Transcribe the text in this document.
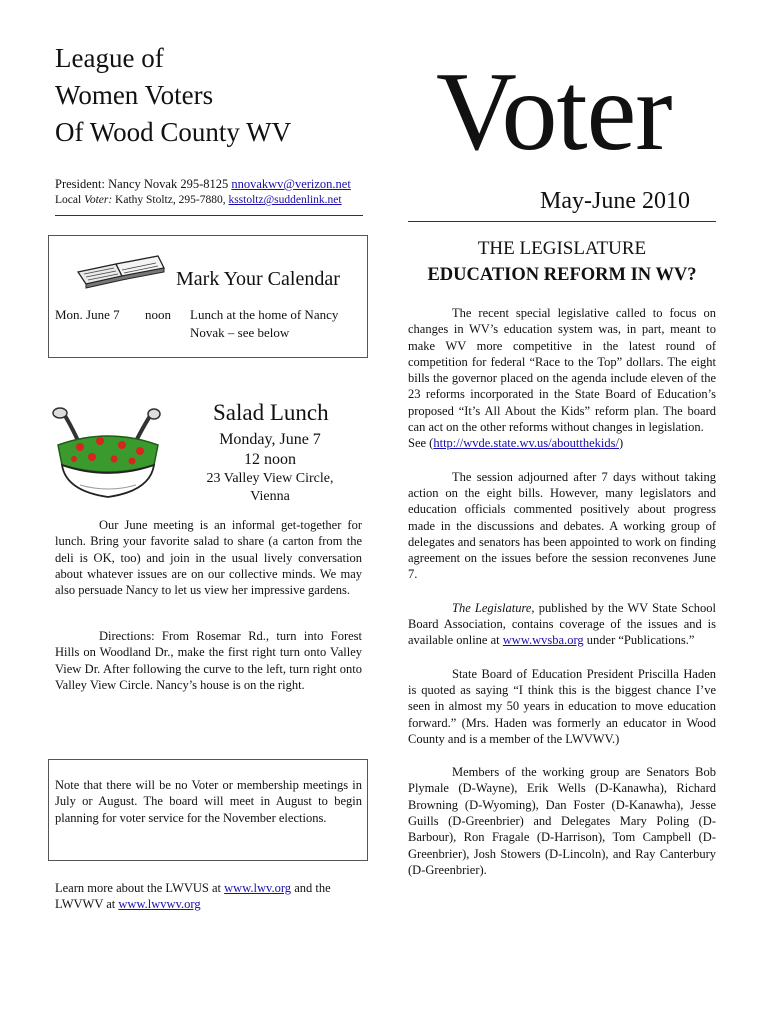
League of
Women Voters
Of Wood County WV Voter
President: Nancy Novak 295-8125 nnovakwv@verizon.net
Local Voter: Kathy Stoltz, 295-7880, ksstoltz@suddenlink.net	May-June 2010
Mark Your Calendar
Mon. June 7 noon Lunch at the home of Nancy Novak – see below
Salad Lunch
Monday, June 7
12 noon
23 Valley View Circle,
Vienna

Our June meeting is an informal get-together for lunch. Bring your favorite salad to share (a carton from the deli is OK, too) and join in the usual lively conversation about whatever issues are on our collective minds. We may also persuade Nancy to let us view her impressive gardens.

Directions: From Rosemar Rd., turn into Forest Hills on Woodland Dr., make the first right turn onto Valley View Dr. After following the curve to the left, turn right onto Valley View Circle. Nancy’s house is on the right.

Note that there will be no Voter or membership meetings in July or August. The board will meet in August to begin planning for voter service for the November elections.
Learn more about the LWVUS at www.lwv.org and the LWVWV at www.lwvwv.org
THE LEGISLATURE
EDUCATION REFORM IN WV?

The recent special legislative called to focus on changes in WV’s education system was, in part, meant to make WV more competitive in the latest round of competition for federal “Race to the Top” dollars. The eight bills the governor placed on the agenda include eleven of the 23 reforms incorporated in the State Board of Education’s proposed “It’s All About the Kids” reform plan. The board can act on the other reforms without changes in legislation.

See (http://wvde.state.wv.us/aboutthekids/)

The session adjourned after 7 days without taking action on the eight bills. However, many legislators and education officials commented positively about progress made in the discussions and debates. A working group of delegates and senators has been appointed to work on finding agreement on the issues before the session reconvenes June 7.

The Legislature, published by the WV State School Board Association, contains coverage of the issues and is available online at www.wvsba.org under “Publications.”

State Board of Education President Priscilla Haden is quoted as saying “I think this is the biggest chance I’ve seen in almost my 50 years in education to move education forward.” (Mrs. Haden was formerly an educator in Wood County and is a member of the LWVWV.)

Members of the working group are Senators Bob Plymale (D-Wayne), Erik Wells (D-Kanawha), Richard Browning (D-Wyoming), Dan Foster (D-Kanawha), Jesse Guills (D-Greenbrier) and Delegates Mary Poling (D-Barbour), Ron Fragale (D-Harrison), Tom Campbell (D-Greenbrier), Josh Stowers (D-Lincoln), and Ray Canterbury (D-Greenbrier).
